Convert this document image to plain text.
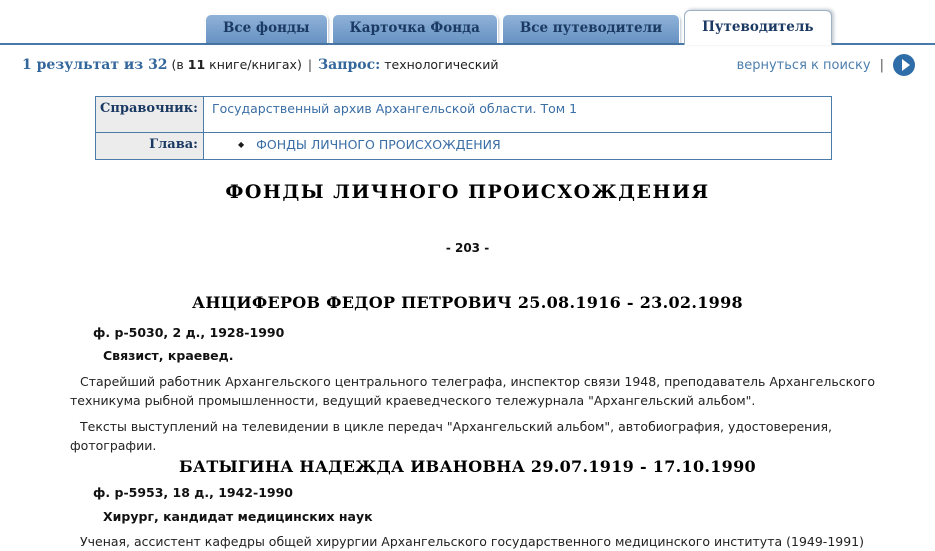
Все фонды	Карточка Фонда	Все путеводители	Путеводитель
1 результат из 32 (в 11 книге/книгах) | Запрос: технологический	вернуться к поиску |
Справочник:	Государственный архив Архангельской области. Том 1
Глава:	◆ ФОНДЫ ЛИЧНОГО ПРОИСХОЖДЕНИЯ
ФОНДЫ ЛИЧНОГО ПРОИСХОЖДЕНИЯ
- 203 -
АНЦИФЕРОВ ФЕДОР ПЕТРОВИЧ 25.08.1916 - 23.02.1998
ф. р-5030, 2 д., 1928-1990
Связист, краевед.

Старейший работник Архангельского центрального телеграфа, инспектор связи 1948, преподаватель Архангельского техникума рыбной промышленности, ведущий краеведческого тележурнала "Архангельский альбом".

Тексты выступлений на телевидении в цикле передач "Архангельский альбом", автобиография, удостоверения, фотографии.

БАТЫГИНА НАДЕЖДА ИВАНОВНА 29.07.1919 - 17.10.1990
ф. р-5953, 18 д., 1942-1990
Хирург, кандидат медицинских наук

Ученая, ассистент кафедры общей хирургии Архангельского государственного медицинского института (1949-1991)
